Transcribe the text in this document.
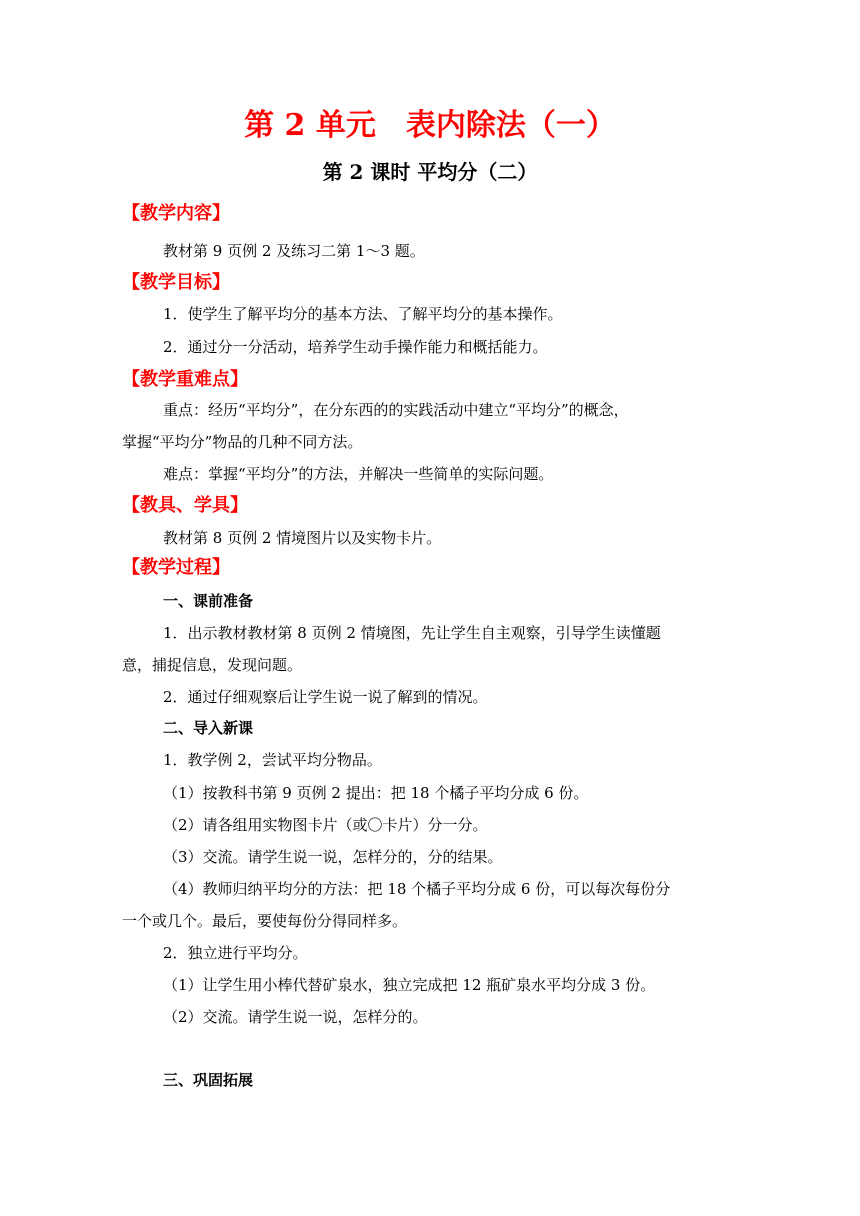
第 2 单元　表内除法（一）
第 2 课时 平均分（二）
【教学内容】
教材第 9 页例 2 及练习二第 1～3 题。
【教学目标】
1．使学生了解平均分的基本方法、了解平均分的基本操作。
2．通过分一分活动，培养学生动手操作能力和概括能力。
【教学重难点】
重点：经历“平均分”，在分东西的的实践活动中建立“平均分”的概念，
掌握“平均分”物品的几种不同方法。
难点：掌握“平均分”的方法，并解决一些简单的实际问题。
【教具、学具】
教材第 8 页例 2 情境图片以及实物卡片。
【教学过程】
一、课前准备
1．出示教材教材第 8 页例 2 情境图，先让学生自主观察，引导学生读懂题
意，捕捉信息，发现问题。
2．通过仔细观察后让学生说一说了解到的情况。
二、导入新课
1．教学例 2，尝试平均分物品。
（1）按教科书第 9 页例 2 提出：把 18 个橘子平均分成 6 份。
（2）请各组用实物图卡片（或〇卡片）分一分。
（3）交流。请学生说一说，怎样分的，分的结果。
（4）教师归纳平均分的方法：把 18 个橘子平均分成 6 份，可以每次每份分
一个或几个。最后，要使每份分得同样多。
2．独立进行平均分。
（1）让学生用小棒代替矿泉水，独立完成把 12 瓶矿泉水平均分成 3 份。
（2）交流。请学生说一说，怎样分的。
三、巩固拓展
